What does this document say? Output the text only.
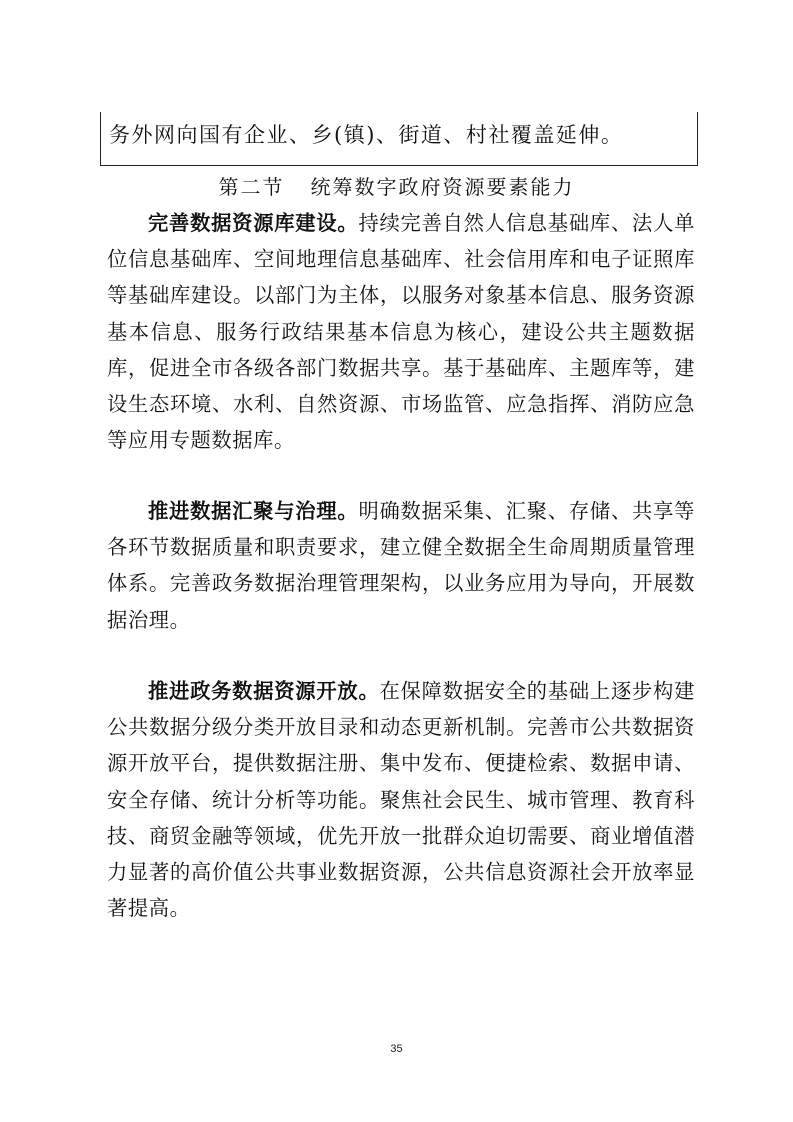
务外网向国有企业、乡(镇)、街道、村社覆盖延伸。
第二节 统筹数字政府资源要素能力
完善数据资源库建设。持续完善自然人信息基础库、法人单位信息基础库、空间地理信息基础库、社会信用库和电子证照库等基础库建设。以部门为主体，以服务对象基本信息、服务资源基本信息、服务行政结果基本信息为核心，建设公共主题数据库，促进全市各级各部门数据共享。基于基础库、主题库等，建设生态环境、水利、自然资源、市场监管、应急指挥、消防应急等应用专题数据库。
推进数据汇聚与治理。明确数据采集、汇聚、存储、共享等各环节数据质量和职责要求，建立健全数据全生命周期质量管理体系。完善政务数据治理管理架构，以业务应用为导向，开展数据治理。
推进政务数据资源开放。在保障数据安全的基础上逐步构建公共数据分级分类开放目录和动态更新机制。完善市公共数据资源开放平台，提供数据注册、集中发布、便捷检索、数据申请、安全存储、统计分析等功能。聚焦社会民生、城市管理、教育科技、商贸金融等领域，优先开放一批群众迫切需要、商业增值潜力显著的高价值公共事业数据资源，公共信息资源社会开放率显著提高。
35
